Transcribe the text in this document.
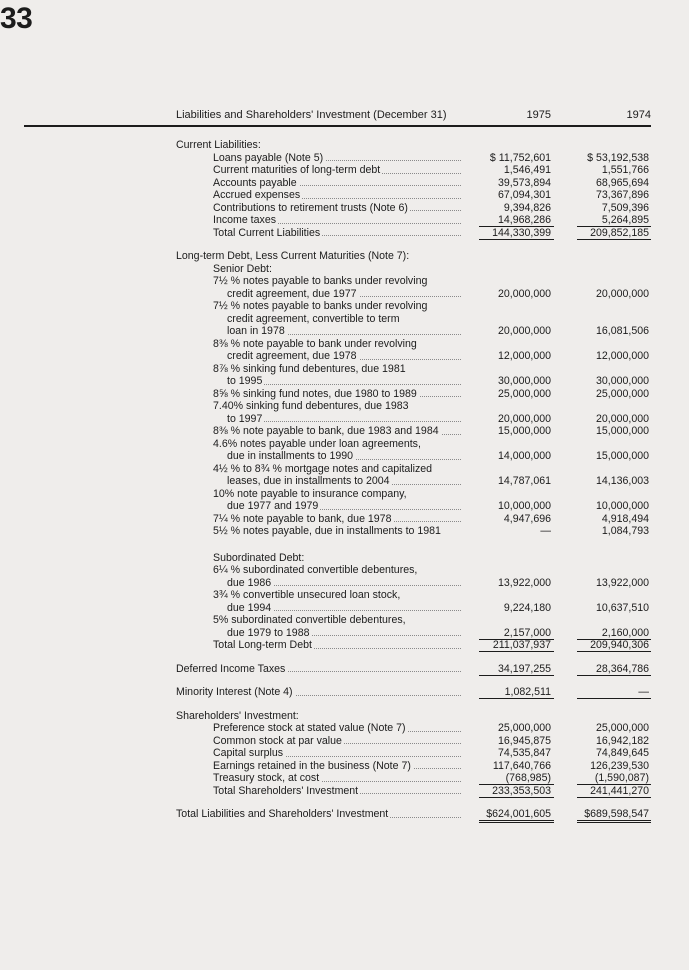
33
Liabilities and Shareholders' Investment (December 31)	1975	1974
Current Liabilities:
Loans payable (Note 5)	$ 11,752,601	$ 53,192,538
Current maturities of long-term debt	1,546,491	1,551,766
Accounts payable	39,573,894	68,965,694
Accrued expenses	67,094,301	73,367,896
Contributions to retirement trusts (Note 6)	9,394,826	7,509,396
Income taxes	14,968,286	5,264,895
Total Current Liabilities	144,330,399	209,852,185
Long-term Debt, Less Current Maturities (Note 7):
Senior Debt:
7½ % notes payable to banks under revolving
credit agreement, due 1977	20,000,000	20,000,000
7½ % notes payable to banks under revolving
credit agreement, convertible to term
loan in 1978	20,000,000	16,081,506
8⅜ % note payable to bank under revolving
credit agreement, due 1978	12,000,000	12,000,000
8⅞ % sinking fund debentures, due 1981
to 1995	30,000,000	30,000,000
8⅝ % sinking fund notes, due 1980 to 1989	25,000,000	25,000,000
7.40% sinking fund debentures, due 1983
to 1997	20,000,000	20,000,000
8⅜ % note payable to bank, due 1983 and 1984	15,000,000	15,000,000
4.6% notes payable under loan agreements,
due in installments to 1990	14,000,000	15,000,000
4½ % to 8¾ % mortgage notes and capitalized
leases, due in installments to 2004	14,787,061	14,136,003
10% note payable to insurance company,
due 1977 and 1979	10,000,000	10,000,000
7¼ % note payable to bank, due 1978	4,947,696	4,918,494
5½ % notes payable, due in installments to 1981	—	1,084,793
Subordinated Debt:
6¼ % subordinated convertible debentures,
due 1986	13,922,000	13,922,000
3¾ % convertible unsecured loan stock,
due 1994	9,224,180	10,637,510
5% subordinated convertible debentures,
due 1979 to 1988	2,157,000	2,160,000
Total Long-term Debt	211,037,937	209,940,306
Deferred Income Taxes	34,197,255	28,364,786
Minority Interest (Note 4)	1,082,511	—
Shareholders' Investment:
Preference stock at stated value (Note 7)	25,000,000	25,000,000
Common stock at par value	16,945,875	16,942,182
Capital surplus	74,535,847	74,849,645
Earnings retained in the business (Note 7)	117,640,766	126,239,530
Treasury stock, at cost	(768,985)	(1,590,087)
Total Shareholders' Investment	233,353,503	241,441,270
Total Liabilities and Shareholders' Investment	$624,001,605	$689,598,547
